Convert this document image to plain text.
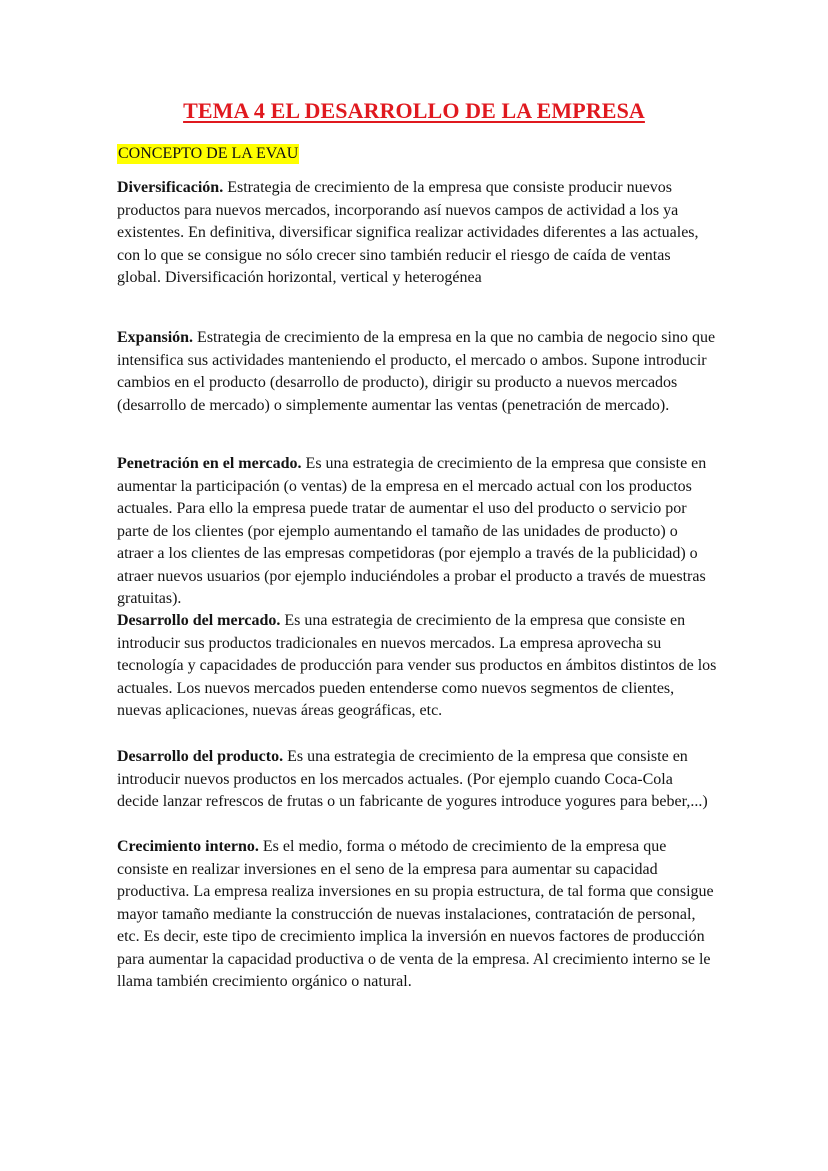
TEMA 4 EL DESARROLLO DE LA EMPRESA
CONCEPTO DE LA EVAU

Diversificación. Estrategia de crecimiento de la empresa que consiste producir nuevos productos para nuevos mercados, incorporando así nuevos campos de actividad a los ya existentes. En definitiva, diversificar significa realizar actividades diferentes a las actuales, con lo que se consigue no sólo crecer sino también reducir el riesgo de caída de ventas global. Diversificación horizontal, vertical y heterogénea

Expansión. Estrategia de crecimiento de la empresa en la que no cambia de negocio sino que intensifica sus actividades manteniendo el producto, el mercado o ambos. Supone introducir cambios en el producto (desarrollo de producto), dirigir su producto a nuevos mercados (desarrollo de mercado) o simplemente aumentar las ventas (penetración de mercado).

Penetración en el mercado. Es una estrategia de crecimiento de la empresa que consiste en aumentar la participación (o ventas) de la empresa en el mercado actual con los productos actuales. Para ello la empresa puede tratar de aumentar el uso del producto o servicio por parte de los clientes (por ejemplo aumentando el tamaño de las unidades de producto) o atraer a los clientes de las empresas competidoras (por ejemplo a través de la publicidad) o atraer nuevos usuarios (por ejemplo induciéndoles a probar el producto a través de muestras gratuitas).

Desarrollo del mercado. Es una estrategia de crecimiento de la empresa que consiste en introducir sus productos tradicionales en nuevos mercados. La empresa aprovecha su tecnología y capacidades de producción para vender sus productos en ámbitos distintos de los actuales. Los nuevos mercados pueden entenderse como nuevos segmentos de clientes, nuevas aplicaciones, nuevas áreas geográficas, etc.

Desarrollo del producto. Es una estrategia de crecimiento de la empresa que consiste en introducir nuevos productos en los mercados actuales. (Por ejemplo cuando Coca-Cola decide lanzar refrescos de frutas o un fabricante de yogures introduce yogures para beber,...)

Crecimiento interno. Es el medio, forma o método de crecimiento de la empresa que consiste en realizar inversiones en el seno de la empresa para aumentar su capacidad productiva. La empresa realiza inversiones en su propia estructura, de tal forma que consigue mayor tamaño mediante la construcción de nuevas instalaciones, contratación de personal, etc. Es decir, este tipo de crecimiento implica la inversión en nuevos factores de producción para aumentar la capacidad productiva o de venta de la empresa. Al crecimiento interno se le llama también crecimiento orgánico o natural.
